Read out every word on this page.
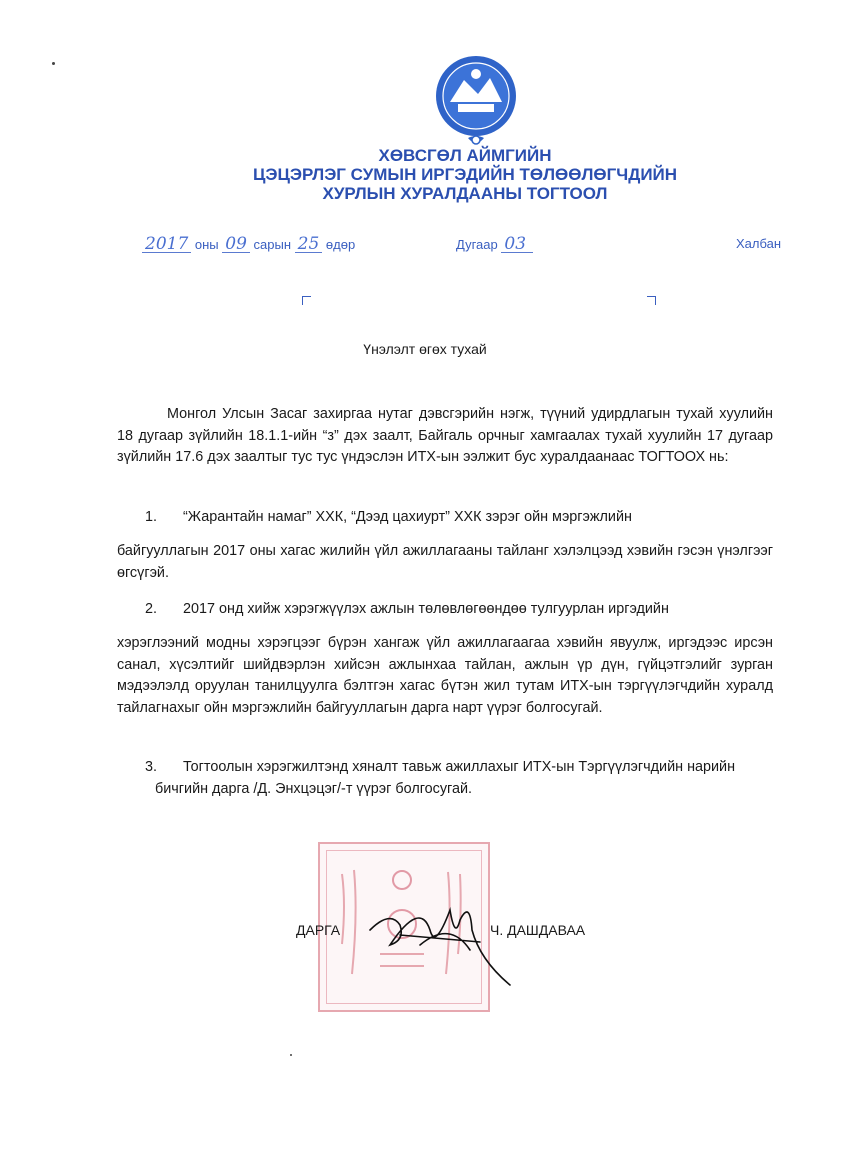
ХӨВСГӨЛ АЙМГИЙН
ЦЭЦЭРЛЭГ СУМЫН ИРГЭДИЙН ТӨЛӨӨЛӨГЧДИЙН
ХУРЛЫН ХУРАЛДААНЫ ТОГТООЛ
2017 оны 09 сарын 25 өдөр	Дугаар 03	Халбан
Үнэлэлт өгөх тухай
Монгол Улсын Засаг захиргаа нутаг дэвсгэрийн нэгж, түүний удирдлагын тухай хуулийн 18 дугаар зүйлийн 18.1.1-ийн “з” дэх заалт, Байгаль орчныг хамгаалах тухай хуулийн 17 дугаар зүйлийн 17.6 дэх заалтыг тус тус үндэслэн ИТХ-ын ээлжит бус хуралдаанаас ТОГТООХ нь:
1. “Жарантайн намаг” ХХК, “Дээд цахиурт” ХХК зэрэг ойн мэргэжлийн
байгууллагын 2017 оны хагас жилийн үйл ажиллагааны тайланг хэлэлцээд хэвийн гэсэн үнэлгээг өгсүгэй.
2. 2017 онд хийж хэрэгжүүлэх ажлын төлөвлөгөөндөө тулгуурлан иргэдийн
хэрэглээний модны хэрэгцээг бүрэн хангаж үйл ажиллагаагаа хэвийн явуулж, иргэдээс ирсэн санал, хүсэлтийг шийдвэрлэн хийсэн ажлынхаа тайлан, ажлын үр дүн, гүйцэтгэлийг зурган мэдээлэлд оруулан танилцуулга бэлтгэн хагас бүтэн жил тутам ИТХ-ын тэргүүлэгчдийн хуралд тайлагнахыг ойн мэргэжлийн байгууллагын дарга нарт үүрэг болгосугай.
3. Тогтоолын хэрэгжилтэнд хяналт тавьж ажиллахыг ИТХ-ын Тэргүүлэгчдийн нарийн бичгийн дарга /Д. Энхцэцэг/-т үүрэг болгосугай.
ДАРГА	Ч. ДАШДАВАА
